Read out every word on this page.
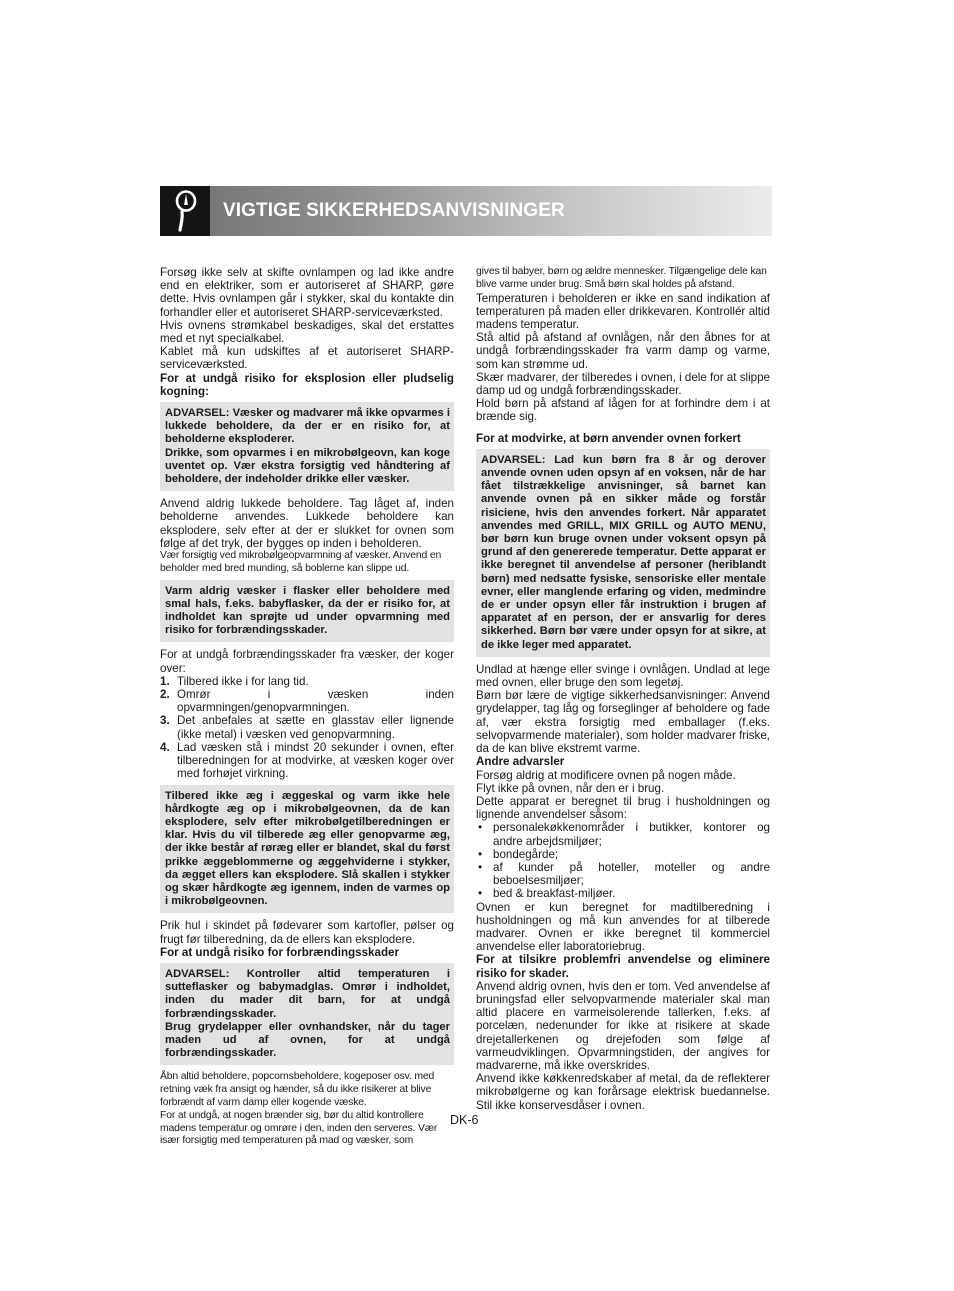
VIGTIGE SIKKERHEDSANVISNINGER

Forsøg ikke selv at skifte ovnlampen og lad ikke andre end en elektriker, som er autoriseret af SHARP, gøre dette. Hvis ovnlampen går i stykker, skal du kontakte din forhandler eller et autoriseret SHARP-serviceværksted.

Hvis ovnens strømkabel beskadiges, skal det erstattes med et nyt specialkabel.

Kablet må kun udskiftes af et autoriseret SHARP-serviceværksted.

For at undgå risiko for eksplosion eller pludselig kogning:

ADVARSEL: Væsker og madvarer må ikke opvarmes i lukkede beholdere, da der er en risiko for, at beholderne eksploderer.

Drikke, som opvarmes i en mikrobølgeovn, kan koge uventet op. Vær ekstra forsigtig ved håndtering af beholdere, der indeholder drikke eller væsker.

Anvend aldrig lukkede beholdere. Tag låget af, inden beholderne anvendes. Lukkede beholdere kan eksplodere, selv efter at der er slukket for ovnen som følge af det tryk, der bygges op inden i beholderen.

Vær forsigtig ved mikrobølgeopvarmning af væsker. Anvend en beholder med bred munding, så boblerne kan slippe ud.

Varm aldrig væsker i flasker eller beholdere med smal hals, f.eks. babyflasker, da der er risiko for, at indholdet kan sprøjte ud under opvarmning med risiko for forbrændingsskader.

For at undgå forbrændingsskader fra væsker, der koger over:

1. Tilbered ikke i for lang tid.
2. Omrør i væsken inden opvarmningen/genopvarmningen.
3. Det anbefales at sætte en glasstav eller lignende (ikke metal) i væsken ved genopvarmning.
4. Lad væsken stå i mindst 20 sekunder i ovnen, efter tilberedningen for at modvirke, at væsken koger over med forhøjet virkning.

Tilbered ikke æg i æggeskal og varm ikke hele hårdkogte æg op i mikrobølgeovnen, da de kan eksplodere, selv efter mikrobølgetilberedningen er klar. Hvis du vil tilberede æg eller genopvarme æg, der ikke består af røræg eller er blandet, skal du først prikke æggeblommerne og æggehviderne i stykker, da ægget ellers kan eksplodere. Slå skallen i stykker og skær hårdkogte æg igennem, inden de varmes op i mikrobølgeovnen.

Prik hul i skindet på fødevarer som kartofler, pølser og frugt før tilberedning, da de ellers kan eksplodere.

For at undgå risiko for forbrændingsskader

ADVARSEL: Kontroller altid temperaturen i sutteflasker og babymadglas. Omrør i indholdet, inden du mader dit barn, for at undgå forbrændingsskader.

Brug grydelapper eller ovnhandsker, når du tager maden ud af ovnen, for at undgå forbrændingsskader.

Åbn altid beholdere, popcornsbeholdere, kogeposer osv. med retning væk fra ansigt og hænder, så du ikke risikerer at blive forbrændt af varm damp eller kogende væske.

For at undgå, at nogen brænder sig, bør du altid kontrollere madens temperatur og omrøre i den, inden den serveres. Vær især forsigtig med temperaturen på mad og væsker, som

gives til babyer, børn og ældre mennesker. Tilgængelige dele kan blive varme under brug. Små børn skal holdes på afstand.

Temperaturen i beholderen er ikke en sand indikation af temperaturen på maden eller drikkevaren. Kontrollér altid madens temperatur.

Stå altid på afstand af ovnlågen, når den åbnes for at undgå forbrændingsskader fra varm damp og varme, som kan strømme ud.

Skær madvarer, der tilberedes i ovnen, i dele for at slippe damp ud og undgå forbrændingsskader.

Hold børn på afstand af lågen for at forhindre dem i at brænde sig.

For at modvirke, at børn anvender ovnen forkert

ADVARSEL: Lad kun børn fra 8 år og derover anvende ovnen uden opsyn af en voksen, når de har fået tilstrækkelige anvisninger, så barnet kan anvende ovnen på en sikker måde og forstår risiciene, hvis den anvendes forkert. Når apparatet anvendes med GRILL, MIX GRILL og AUTO MENU, bør børn kun bruge ovnen under voksent opsyn på grund af den genererede temperatur. Dette apparat er ikke beregnet til anvendelse af personer (heriblandt børn) med nedsatte fysiske, sensoriske eller mentale evner, eller manglende erfaring og viden, medmindre de er under opsyn eller får instruktion i brugen af apparatet af en person, der er ansvarlig for deres sikkerhed. Børn bør være under opsyn for at sikre, at de ikke leger med apparatet.

Undlad at hænge eller svinge i ovnlågen. Undlad at lege med ovnen, eller bruge den som legetøj.

Børn bør lære de vigtige sikkerhedsanvisninger: Anvend grydelapper, tag låg og forseglinger af beholdere og fade af, vær ekstra forsigtig med emballager (f.eks. selvopvarmende materialer), som holder madvarer friske, da de kan blive ekstremt varme.

Andre advarsler

Forsøg aldrig at modificere ovnen på nogen måde.

Flyt ikke på ovnen, når den er i brug.

Dette apparat er beregnet til brug i husholdningen og lignende anvendelser såsom:

• personalekøkkenområder i butikker, kontorer og andre arbejdsmiljøer;
• bondegårde;
• af kunder på hoteller, moteller og andre beboelsesmiljøer;
• bed & breakfast-miljøer.

Ovnen er kun beregnet for madtilberedning i husholdningen og må kun anvendes for at tilberede madvarer. Ovnen er ikke beregnet til kommerciel anvendelse eller laboratoriebrug.

For at tilsikre problemfri anvendelse og eliminere risiko for skader.

Anvend aldrig ovnen, hvis den er tom. Ved anvendelse af bruningsfad eller selvopvarmende materialer skal man altid placere en varmeisolerende tallerken, f.eks. af porcelæn, nedenunder for ikke at risikere at skade drejetallerkenen og drejefoden som følge af varmeudviklingen. Opvarmningstiden, der angives for madvarerne, må ikke overskrides.

Anvend ikke køkkenredskaber af metal, da de reflekterer mikrobølgerne og kan forårsage elektrisk buedannelse. Stil ikke konservesdåser i ovnen.

DK-6
